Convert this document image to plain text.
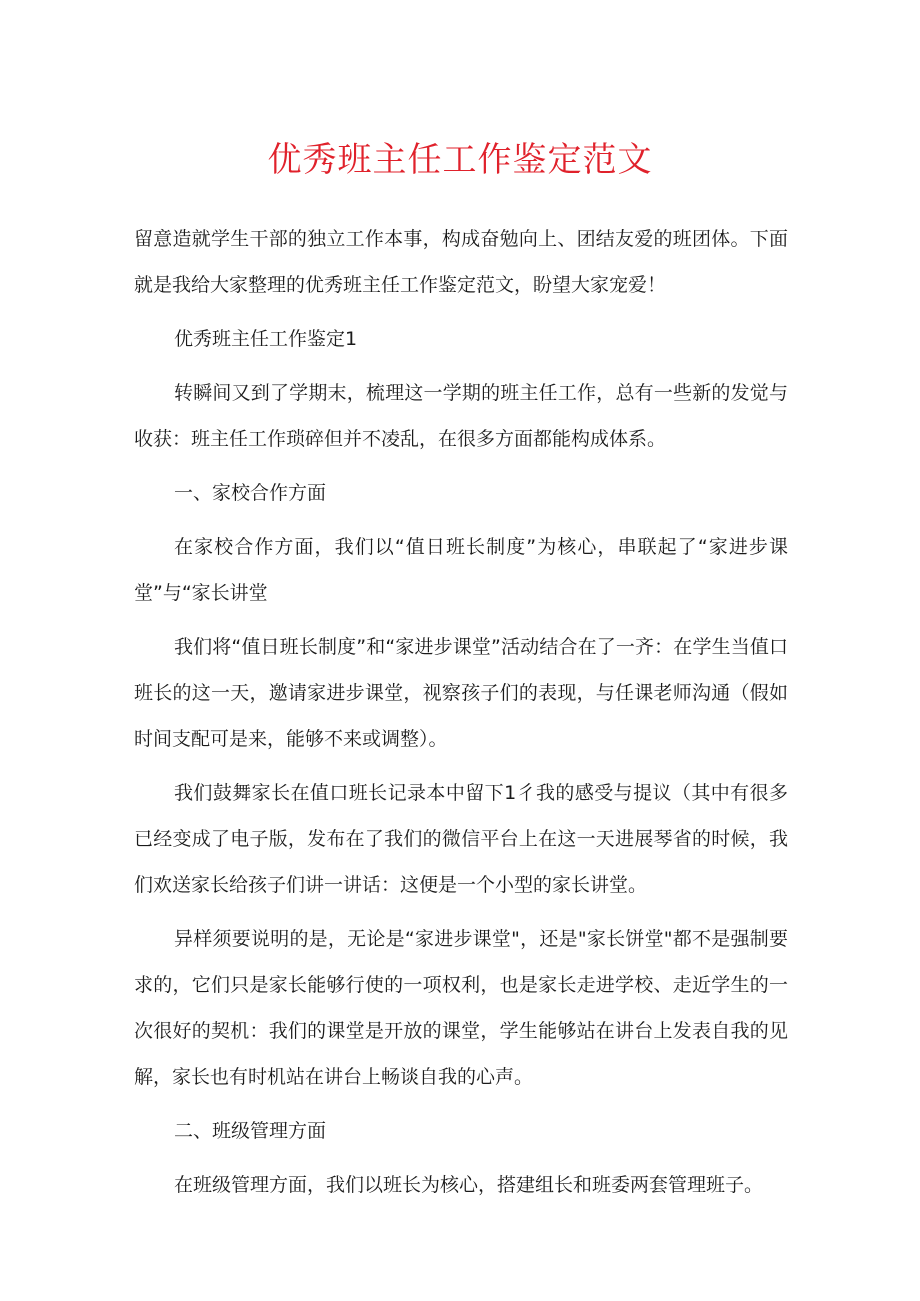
优秀班主任工作鉴定范文

留意造就学生干部的独立工作本事，构成奋勉向上、团结友爱的班团体。下面就是我给大家整理的优秀班主任工作鉴定范文，盼望大家宠爱！

优秀班主任工作鉴定1

转瞬间又到了学期末，梳理这一学期的班主任工作，总有一些新的发觉与收获：班主任工作琐碎但并不凌乱，在很多方面都能构成体系。

一、家校合作方面

在家校合作方面，我们以“值日班长制度”为核心，串联起了“家进步课堂”与“家长讲堂

我们将“值日班长制度”和“家进步课堂”活动结合在了一齐：在学生当值口班长的这一天，邀请家进步课堂，视察孩子们的表现，与任课老师沟通（假如时间支配可是来，能够不来或调整）。

我们鼓舞家长在值口班长记录本中留下1彳我的感受与提议（其中有很多已经变成了电子版，发布在了我们的微信平台上在这一天进展琴省的时候，我们欢送家长给孩子们讲一讲话：这便是一个小型的家长讲堂。

异样须要说明的是，无论是“家进步课堂"，还是"家长饼堂"都不是强制要求的，它们只是家长能够行使的一项权利，也是家长走进学校、走近学生的一次很好的契机：我们的课堂是开放的课堂，学生能够站在讲台上发表自我的见解，家长也有时机站在讲台上畅谈自我的心声。

二、班级管理方面

在班级管理方面，我们以班长为核心，搭建组长和班委两套管理班子。
